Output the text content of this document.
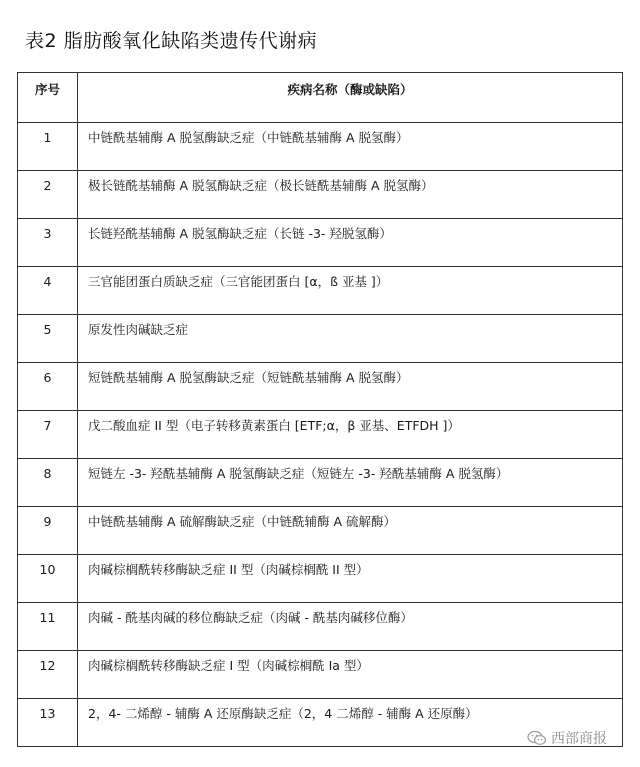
表2 脂肪酸氧化缺陷类遗传代谢病
序号	疾病名称（酶或缺陷）
1	中链酰基辅酶 A 脱氢酶缺乏症（中链酰基辅酶 A 脱氢酶）
2	极长链酰基辅酶 A 脱氢酶缺乏症（极长链酰基辅酶 A 脱氢酶）
3	长链羟酰基辅酶 A 脱氢酶缺乏症（长链 -3- 羟脱氢酶）
4	三官能团蛋白质缺乏症（三官能团蛋白 [α，ß 亚基 ]）
5	原发性肉碱缺乏症
6	短链酰基辅酶 A 脱氢酶缺乏症（短链酰基辅酶 A 脱氢酶）
7	戊二酸血症 II 型（电子转移黄素蛋白 [ETF;α，β 亚基、ETFDH ]）
8	短链左 -3- 羟酰基辅酶 A 脱氢酶缺乏症（短链左 -3- 羟酰基辅酶 A 脱氢酶）
9	中链酰基辅酶 A 硫解酶缺乏症（中链酰辅酶 A 硫解酶）
10	肉碱棕榈酰转移酶缺乏症 II 型（肉碱棕榈酰 II 型）
11	肉碱 - 酰基肉碱的移位酶缺乏症（肉碱 - 酰基肉碱移位酶）
12	肉碱棕榈酰转移酶缺乏症 I 型（肉碱棕榈酰 Ia 型）
13	2，4- 二烯醇 - 辅酶 A 还原酶缺乏症（2，4 二烯醇 - 辅酶 A 还原酶）
西部商报
